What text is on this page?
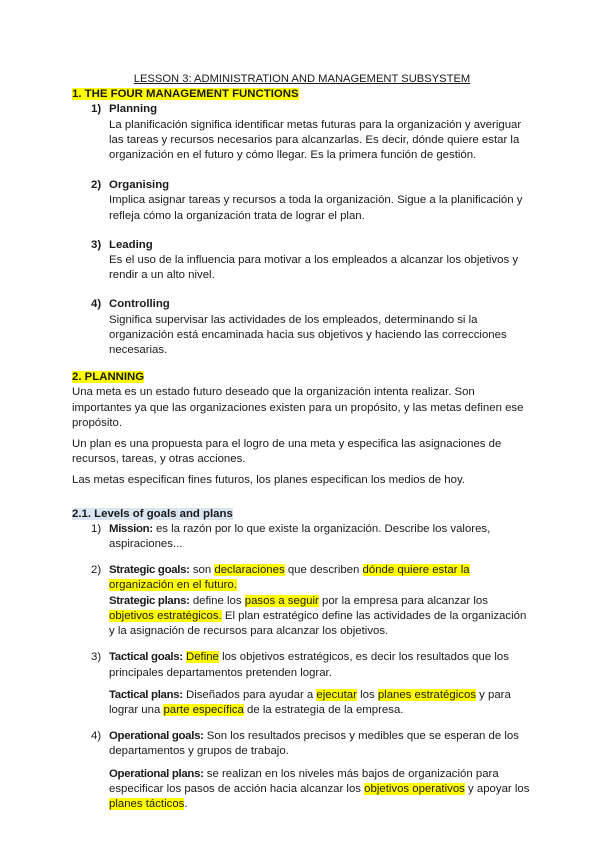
LESSON 3: ADMINISTRATION AND MANAGEMENT SUBSYSTEM

1. THE FOUR MANAGEMENT FUNCTIONS

1) Planning

La planificación significa identificar metas futuras para la organización y averiguar las tareas y recursos necesarios para alcanzarlas. Es decir, dónde quiere estar la organización en el futuro y cómo llegar. Es la primera función de gestión.

2) Organising

Implica asignar tareas y recursos a toda la organización. Sigue a la planificación y refleja cómo la organización trata de lograr el plan.

3) Leading

Es el uso de la influencia para motivar a los empleados a alcanzar los objetivos y rendir a un alto nivel.

4) Controlling

Significa supervisar las actividades de los empleados, determinando si la organización está encaminada hacia sus objetivos y haciendo las correcciones necesarias.

2. PLANNING

Una meta es un estado futuro deseado que la organización intenta realizar. Son importantes ya que las organizaciones existen para un propósito, y las metas definen ese propósito.

Un plan es una propuesta para el logro de una meta y especifica las asignaciones de recursos, tareas, y otras acciones.

Las metas especifican fines futuros, los planes especifican los medios de hoy.

2.1. Levels of goals and plans

1) Mission: es la razón por lo que existe la organización. Describe los valores, aspiraciones...

2) Strategic goals: son declaraciones que describen dónde quiere estar la organización en el futuro.

Strategic plans: define los pasos a seguir por la empresa para alcanzar los objetivos estratégicos. El plan estratégico define las actividades de la organización y la asignación de recursos para alcanzar los objetivos.

3) Tactical goals: Define los objetivos estratégicos, es decir los resultados que los principales departamentos pretenden lograr.

Tactical plans: Diseñados para ayudar a ejecutar los planes estratégicos y para lograr una parte específica de la estrategia de la empresa.

4) Operational goals: Son los resultados precisos y medibles que se esperan de los departamentos y grupos de trabajo.

Operational plans: se realizan en los niveles más bajos de organización para especificar los pasos de acción hacia alcanzar los objetivos operativos y apoyar los planes tácticos.
